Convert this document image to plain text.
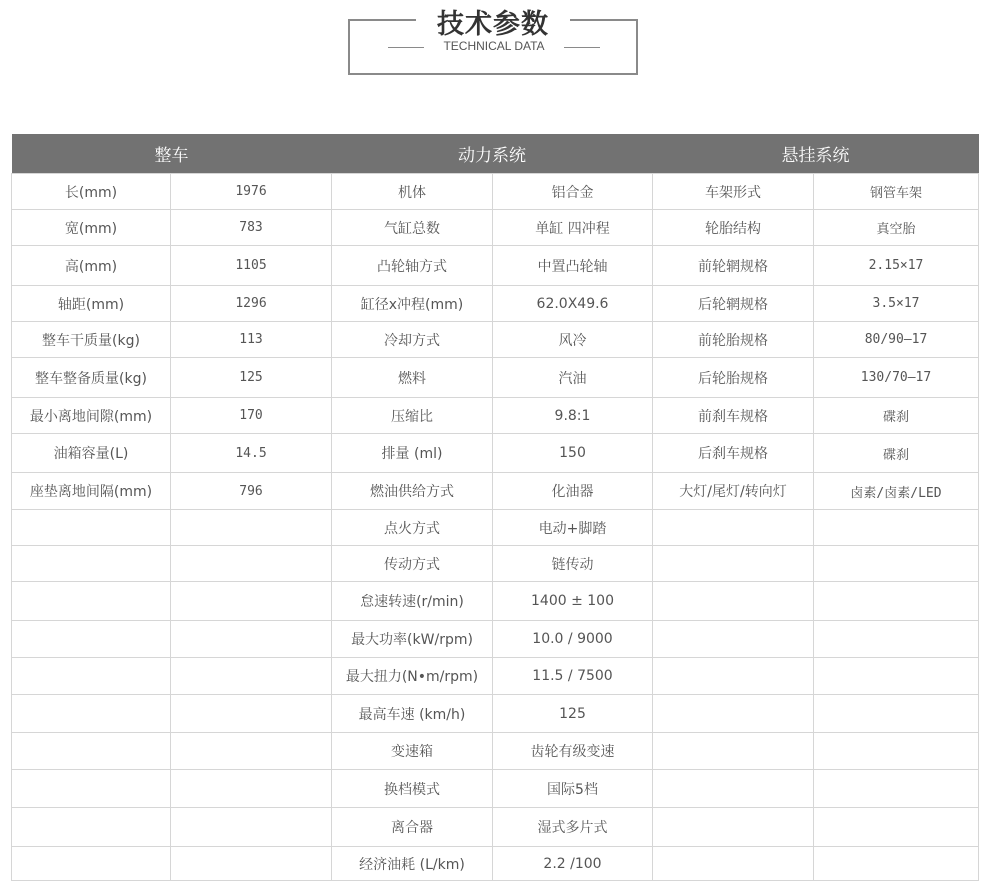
技术参数
TECHNICAL DATA
整车		动力系统		悬挂系统	
长(mm)	1976	机体	铝合金	车架形式	钢管车架
宽(mm)	783	气缸总数	单缸 四冲程	轮胎结构	真空胎
高(mm)	1105	凸轮轴方式	中置凸轮轴	前轮辋规格	2.15×17
轴距(mm)	1296	缸径x冲程(mm)	62.0X49.6	后轮辋规格	3.5×17
整车干质量(kg)	113	冷却方式	风冷	前轮胎规格	80/90—17
整车整备质量(kg)	125	燃料	汽油	后轮胎规格	130/70—17
最小离地间隙(mm)	170	压缩比	9.8:1	前刹车规格	碟刹
油箱容量(L)	14.5	排量 (ml)	150	后刹车规格	碟刹
座垫离地间隔(mm)	796	燃油供给方式	化油器	大灯/尾灯/转向灯	卤素/卤素/LED
		点火方式	电动+脚踏		
		传动方式	链传动		
		怠速转速(r/min)	1400 ± 100		
		最大功率(kW/rpm)	10.0 / 9000		
		最大扭力(N•m/rpm)	11.5 / 7500		
		最高车速 (km/h)	125		
		变速箱	齿轮有级变速		
		换档模式	国际5档		
		离合器	湿式多片式		
		经济油耗 (L/km)	2.2 /100		
